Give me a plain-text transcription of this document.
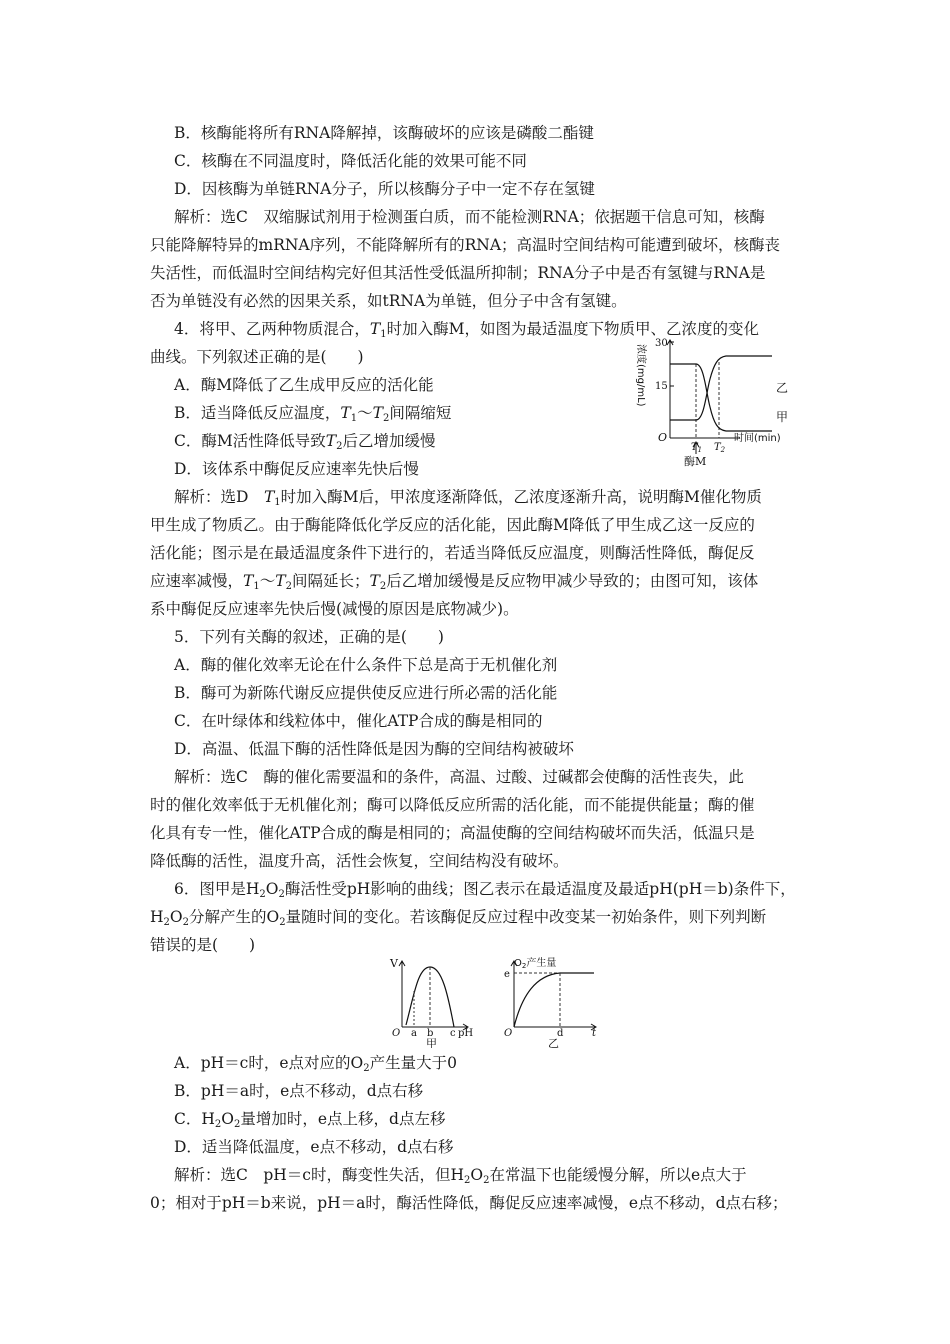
B．核酶能将所有RNA降解掉，该酶破坏的应该是磷酸二酯键
C．核酶在不同温度时，降低活化能的效果可能不同
D．因核酶为单链RNA分子，所以核酶分子中一定不存在氢键
解析：选C　双缩脲试剂用于检测蛋白质，而不能检测RNA；依据题干信息可知，核酶
只能降解特异的mRNA序列，不能降解所有的RNA；高温时空间结构可能遭到破坏，核酶丧
失活性，而低温时空间结构完好但其活性受低温所抑制；RNA分子中是否有氢键与RNA是
否为单链没有必然的因果关系，如tRNA为单链，但分子中含有氢键。
4．将甲、乙两种物质混合，$T_1$时加入酶M，如图为最适温度下物质甲、乙浓度的变化
曲线。下列叙述正确的是(　　)
A．酶M降低了乙生成甲反应的活化能
B．适当降低反应温度，$T_1\sim T_2$间隔缩短
C．酶M活性降低导致$T_2$后乙增加缓慢
D．该体系中酶促反应速率先快后慢
浓度(mg/mL)
30
15	乙
甲
O
$T_1$ $T_2$
时间(min)
酶M
解析：选D　$T_1$时加入酶M后，甲浓度逐渐降低，乙浓度逐渐升高，说明酶M催化物质
甲生成了物质乙。由于酶能降低化学反应的活化能，因此酶M降低了甲生成乙这一反应的
活化能；图示是在最适温度条件下进行的，若适当降低反应温度，则酶活性降低，酶促反
应速率减慢，$T_1\sim T_2$间隔延长；$T_2$后乙增加缓慢是反应物甲减少导致的；由图可知，该体
系中酶促反应速率先快后慢(减慢的原因是底物减少)。
5．下列有关酶的叙述，正确的是(　　)
A．酶的催化效率无论在什么条件下总是高于无机催化剂
B．酶可为新陈代谢反应提供使反应进行所必需的活化能
C．在叶绿体和线粒体中，催化ATP合成的酶是相同的
D．高温、低温下酶的活性降低是因为酶的空间结构被破坏
解析：选C　酶的催化需要温和的条件，高温、过酸、过碱都会使酶的活性丧失，此
时的催化效率低于无机催化剂；酶可以降低反应所需的活化能，而不能提供能量；酶的催
化具有专一性，催化ATP合成的酶是相同的；高温使酶的空间结构破坏而失活，低温只是
降低酶的活性，温度升高，活性会恢复，空间结构没有破坏。
6．图甲是$H_2O_2$酶活性受pH影响的曲线；图乙表示在最适温度及最适pH(pH＝b)条件下，
$H_2O_2$分解产生的$O_2$量随时间的变化。若该酶促反应过程中改变某一初始条件，则下列判断
错误的是(　　)
V
O a b c pH
甲
$O_2$产生量
e
O	d	t
乙
A．pH＝c时，e点对应的$O_2$产生量大于0
B．pH＝a时，e点不移动，d点右移
C．$H_2O_2$量增加时，e点上移，d点左移
D．适当降低温度，e点不移动，d点右移
解析：选C　pH＝c时，酶变性失活，但$H_2O_2$在常温下也能缓慢分解，所以e点大于
0；相对于pH＝b来说，pH＝a时，酶活性降低，酶促反应速率减慢，e点不移动，d点右移；
